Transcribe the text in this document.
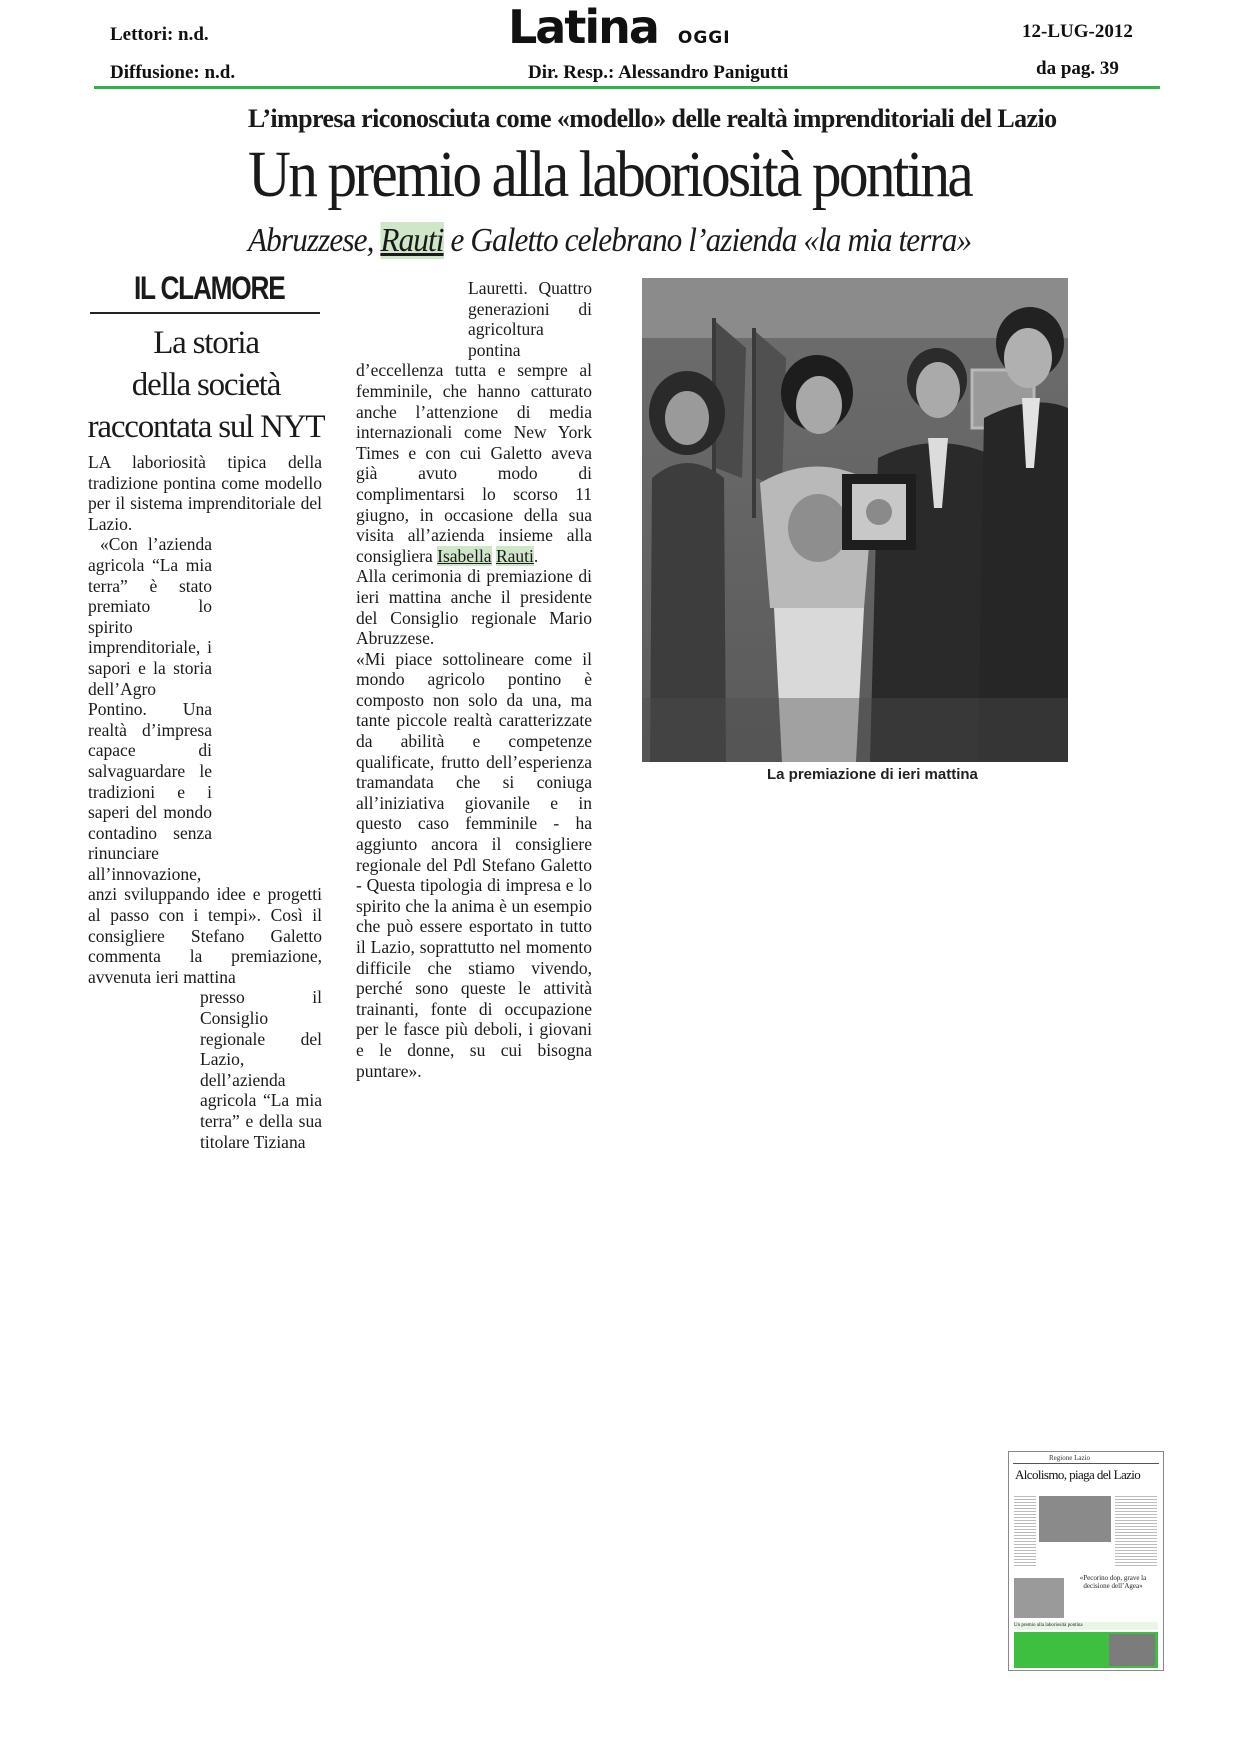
Lettori: n.d.
Diffusione: n.d.
Latina OGGI
Dir. Resp.: Alessandro Panigutti
12-LUG-2012
da pag. 39
L’impresa riconosciuta come «modello» delle realtà imprenditoriali del Lazio
Un premio alla laboriosità pontina
Abruzzese, Rauti e Galetto celebrano l’azienda «la mia terra»
IL CLAMORE
La storia
della società
raccontata sul NYT

LA laboriosità tipica della tradizione pontina come modello per il sistema imprenditoriale del Lazio.

«Con l’azienda agricola “La mia terra” è stato premiato lo spirito imprenditoriale, i sapori e la storia dell’Agro Pontino. Una realtà d’impresa capace di salvaguardare le tradizioni e i saperi del mondo contadino senza rinunciare all’innovazione,

anzi sviluppando idee e progetti al passo con i tempi». Così il consigliere Stefano Galetto commenta la premiazione, avvenuta ieri mattina

presso il Consiglio regionale del Lazio, dell’azienda agricola “La mia terra” e della sua titolare Tiziana

Lauretti. Quattro generazioni di agricoltura pontina

d’eccellenza tutta e sempre al femminile, che hanno catturato anche l’attenzione di media internazionali come New York Times e con cui Galetto aveva già avuto modo di complimentarsi lo scorso 11 giugno, in occasione della sua visita all’azienda insieme alla consigliera Isabella Rauti.

Alla cerimonia di premiazione di ieri mattina anche il presidente del Consiglio regionale Mario Abruzzese.

«Mi piace sottolineare come il mondo agricolo pontino è composto non solo da una, ma tante piccole realtà caratterizzate da abilità e competenze qualificate, frutto dell’esperienza tramandata che si coniuga all’iniziativa giovanile e in questo caso femminile - ha aggiunto ancora il consigliere regionale del Pdl Stefano Galetto - Questa tipologia di impresa e lo spirito che la anima è un esempio che può essere esportato in tutto il Lazio, soprattutto nel momento difficile che stiamo vivendo, perché sono queste le attività trainanti, fonte di occupazione per le fasce più deboli, i giovani e le donne, su cui bisogna puntare».

La premiazione di ieri mattina
Regione Lazio
Alcolismo, piaga del Lazio
«Pecorino dop, grave la decisione dell’Agea»
Un premio alla laboriosità pontina
